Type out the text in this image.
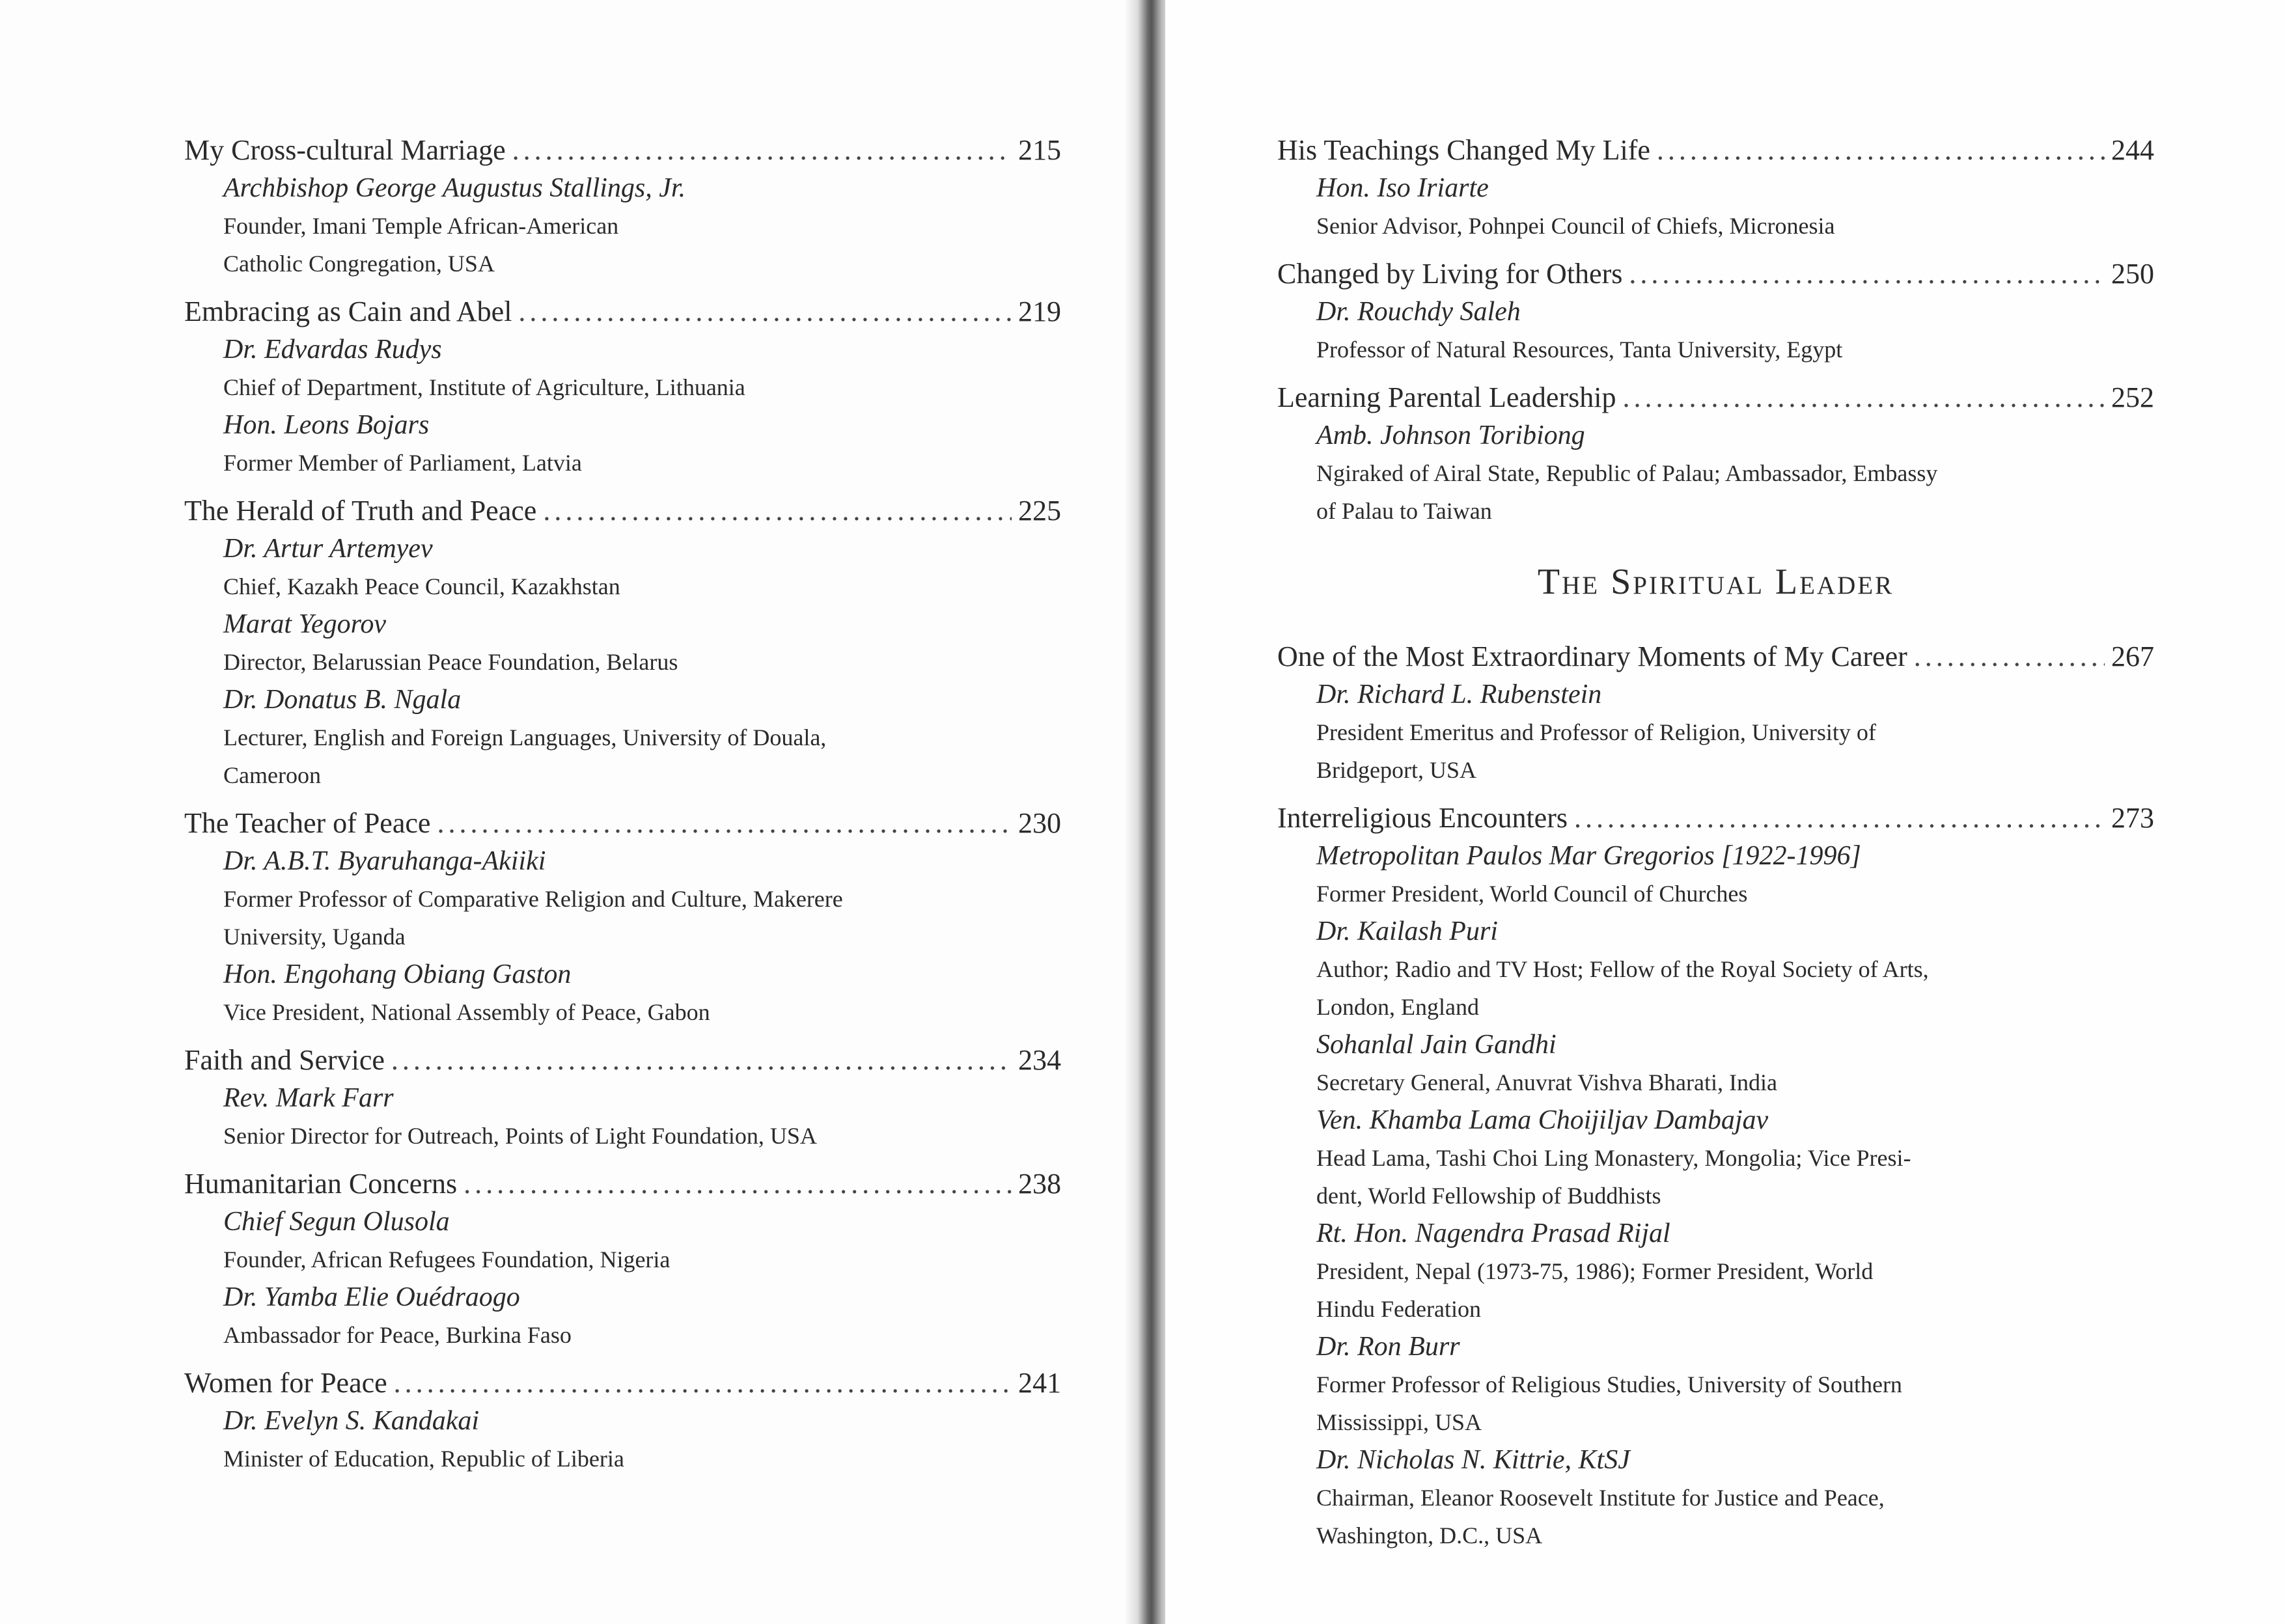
My Cross-cultural Marriage .....	215
Archbishop George Augustus Stallings, Jr.
Founder, Imani Temple African-American
Catholic Congregation, USA
Embracing as Cain and Abel .....	219
Dr. Edvardas Rudys
Chief of Department, Institute of Agriculture, Lithuania
Hon. Leons Bojars
Former Member of Parliament, Latvia
The Herald of Truth and Peace .....	225
Dr. Artur Artemyev
Chief, Kazakh Peace Council, Kazakhstan
Marat Yegorov
Director, Belarussian Peace Foundation, Belarus
Dr. Donatus B. Ngala
Lecturer, English and Foreign Languages, University of Douala,
Cameroon
The Teacher of Peace .....	230
Dr. A.B.T. Byaruhanga-Akiiki
Former Professor of Comparative Religion and Culture, Makerere
University, Uganda
Hon. Engohang Obiang Gaston
Vice President, National Assembly of Peace, Gabon
Faith and Service .....	234
Rev. Mark Farr
Senior Director for Outreach, Points of Light Foundation, USA
Humanitarian Concerns .....	238
Chief Segun Olusola
Founder, African Refugees Foundation, Nigeria
Dr. Yamba Elie Ouédraogo
Ambassador for Peace, Burkina Faso
Women for Peace .....	241
Dr. Evelyn S. Kandakai
Minister of Education, Republic of Liberia
His Teachings Changed My Life .....	244
Hon. Iso Iriarte
Senior Advisor, Pohnpei Council of Chiefs, Micronesia
Changed by Living for Others .....	250
Dr. Rouchdy Saleh
Professor of Natural Resources, Tanta University, Egypt
Learning Parental Leadership .....	252
Amb. Johnson Toribiong
Ngiraked of Airal State, Republic of Palau; Ambassador, Embassy
of Palau to Taiwan
The Spiritual Leader
One of the Most Extraordinary Moments of My Career .....	267
Dr. Richard L. Rubenstein
President Emeritus and Professor of Religion, University of
Bridgeport, USA
Interreligious Encounters .....	273
Metropolitan Paulos Mar Gregorios [1922-1996]
Former President, World Council of Churches
Dr. Kailash Puri
Author; Radio and TV Host; Fellow of the Royal Society of Arts,
London, England
Sohanlal Jain Gandhi
Secretary General, Anuvrat Vishva Bharati, India
Ven. Khamba Lama Choijiljav Dambajav
Head Lama, Tashi Choi Ling Monastery, Mongolia; Vice Presi-
dent, World Fellowship of Buddhists
Rt. Hon. Nagendra Prasad Rijal
President, Nepal (1973-75, 1986); Former President, World
Hindu Federation
Dr. Ron Burr
Former Professor of Religious Studies, University of Southern
Mississippi, USA
Dr. Nicholas N. Kittrie, KtSJ
Chairman, Eleanor Roosevelt Institute for Justice and Peace,
Washington, D.C., USA
